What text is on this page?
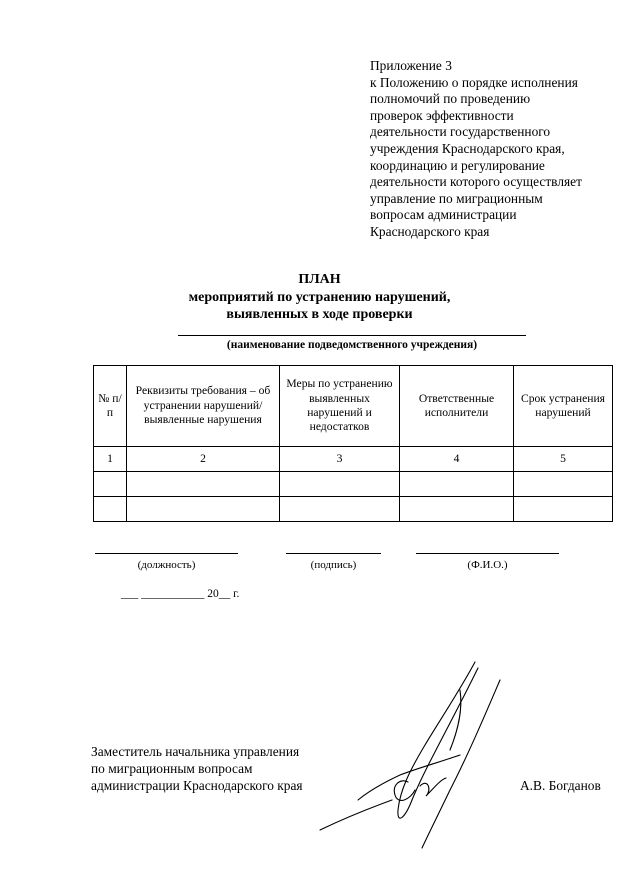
Приложение 3
к Положению о порядке исполнения
полномочий по проведению
проверок эффективности
деятельности государственного
учреждения Краснодарского края,
координацию и регулирование
деятельности которого осуществляет
управление по миграционным
вопросам администрации
Краснодарского края
ПЛАН
мероприятий по устранению нарушений,
выявленных в ходе проверки
(наименование подведомственного учреждения)
№ п/п	Реквизиты требования – об устранении нарушений/ выявленные нарушения	Меры по устранению выявленных нарушений и недостатков	Ответственные исполнители	Срок устранения нарушений
1	2	3	4	5

(должность)	(подпись)	(Ф.И.О.)
___ ___________ 20__ г.
Заместитель начальника управления
по миграционным вопросам
администрации Краснодарского края	А.В. Богданов
